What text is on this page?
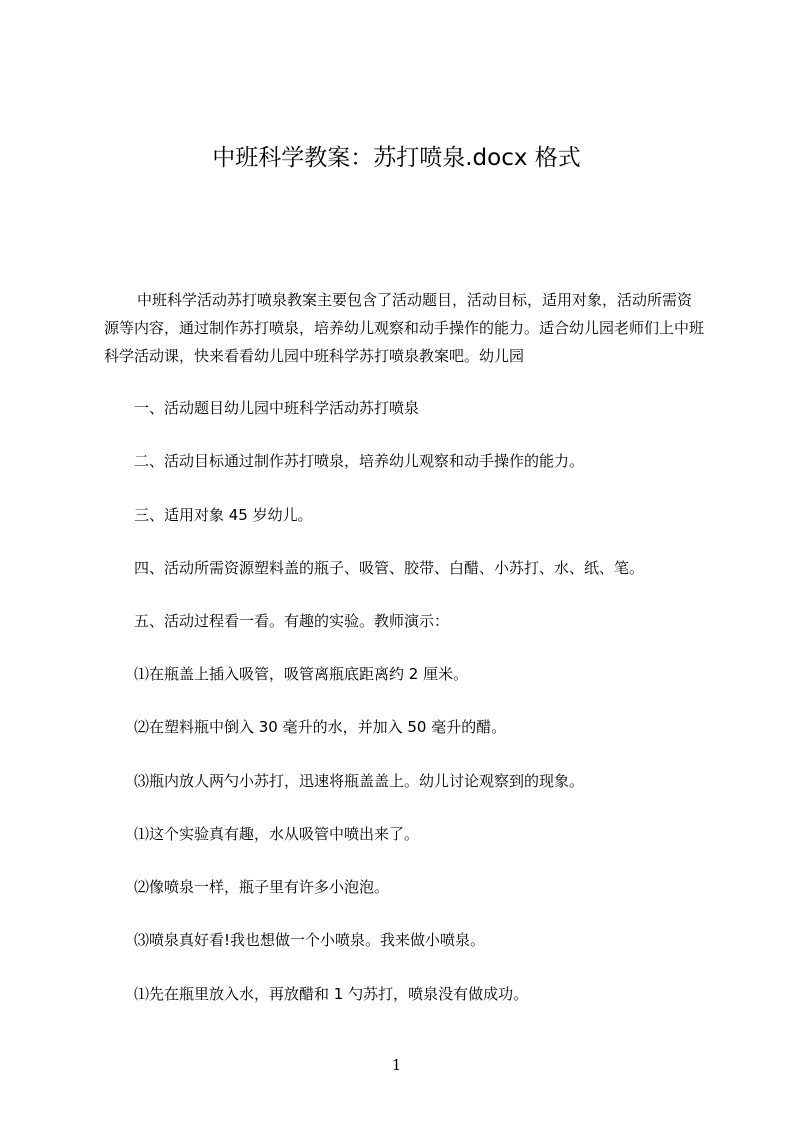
中班科学教案：苏打喷泉.docx 格式
中班科学活动苏打喷泉教案主要包含了活动题目，活动目标，适用对象，活动所需资源等内容，通过制作苏打喷泉，培养幼儿观察和动手操作的能力。适合幼儿园老师们上中班科学活动课，快来看看幼儿园中班科学苏打喷泉教案吧。幼儿园
一、活动题目幼儿园中班科学活动苏打喷泉
二、活动目标通过制作苏打喷泉，培养幼儿观察和动手操作的能力。
三、适用对象 45 岁幼儿。
四、活动所需资源塑料盖的瓶子、吸管、胶带、白醋、小苏打、水、纸、笔。
五、活动过程看一看。有趣的实验。教师演示：
⑴在瓶盖上插入吸管，吸管离瓶底距离约 2 厘米。
⑵在塑料瓶中倒入 30 毫升的水，并加入 50 毫升的醋。
⑶瓶内放人两勺小苏打，迅速将瓶盖盖上。幼儿讨论观察到的现象。
⑴这个实验真有趣，水从吸管中喷出来了。
⑵像喷泉一样，瓶子里有许多小泡泡。
⑶喷泉真好看!我也想做一个小喷泉。我来做小喷泉。
⑴先在瓶里放入水，再放醋和 1 勺苏打，喷泉没有做成功。
1
